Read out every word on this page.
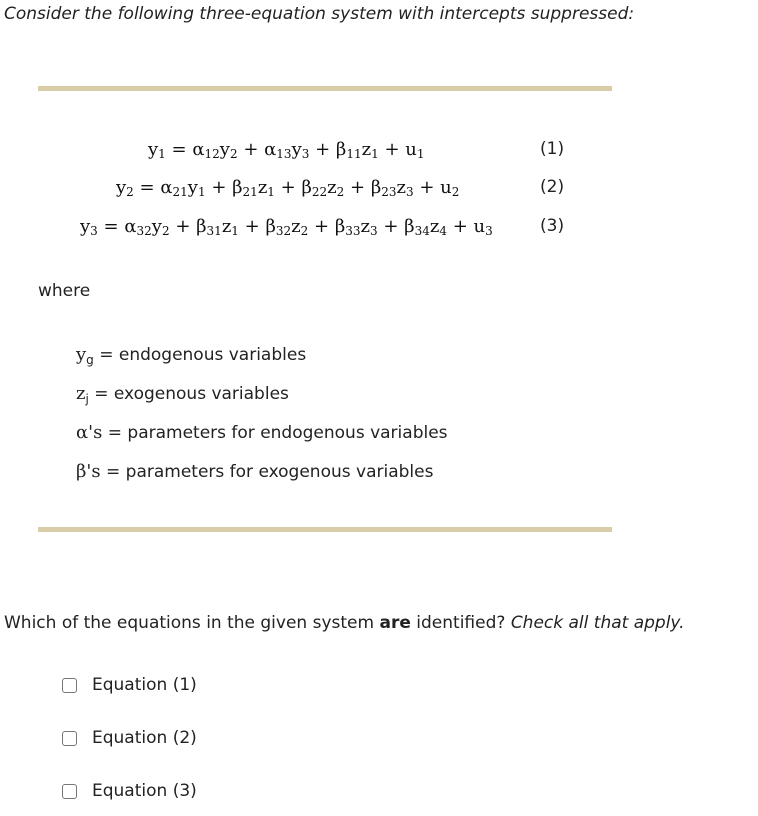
Consider the following three-equation system with intercepts suppressed:
$y_1 = \alpha_{12}y_2 + \alpha_{13}y_3 + \beta_{11}z_1 + u_1$	(1)
$y_2 = \alpha_{21}y_1 + \beta_{21}z_1 + \beta_{22}z_2 + \beta_{23}z_3 + u_2$	(2)
$y_3 = \alpha_{32}y_2 + \beta_{31}z_1 + \beta_{32}z_2 + \beta_{33}z_3 + \beta_{34}z_4 + u_3$	(3)
where
$y_g$ = endogenous variables
$z_j$ = exogenous variables
α's = parameters for endogenous variables
β's = parameters for exogenous variables
Which of the equations in the given system are identified? Check all that apply.
Equation (1)
Equation (2)
Equation (3)
